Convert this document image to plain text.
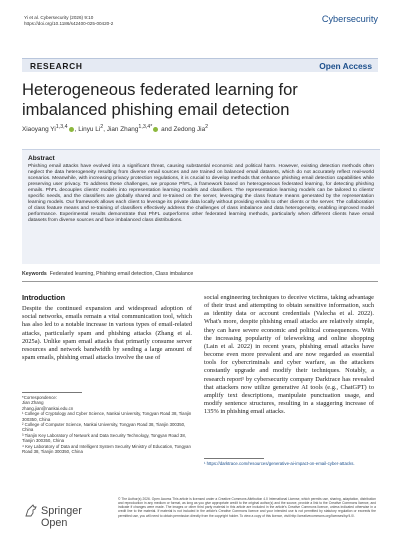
Yi et al. Cybersecurity (2026) 9:10
https://doi.org/10.1186/s42400-025-00420-2	Cybersecurity
RESEARCH	Open Access
Heterogeneous federated learning for imbalanced phishing email detection
Xiaoyang Yi$^{1,3,4}$ , Linyu Li$^2$, Jian Zhang$^{1,3,4*}$ and Zedong Jia$^2$
Abstract
Phishing email attacks have evolved into a significant threat, causing substantial economic and political harm. However, existing detection methods often neglect the data heterogeneity resulting from diverse email sources and are trained on balanced email datasets, which do not accurately reflect real-world scenarios. Meanwhile, with increasing privacy protection regulations, it is crucial to develop methods that enhance phishing email detection capabilities while preserving user privacy. To address these challenges, we propose PhFL, a framework based on heterogeneous federated learning, for detecting phishing emails. PhFL decouples clients' models into representation learning models and classifiers. The representation learning models can be tailored to clients' specific needs, and the classifiers are globally shared and re-trained on the server, leveraging the class feature means generated by the representation learning models. Our framework allows each client to leverage its private data locally without providing emails to other clients or the server. The collaboration of class feature means and re-training of classifiers effectively address the challenges of class imbalance and data heterogeneity, enabling improved model performance. Experimental results demonstrate that PhFL outperforms other federated learning methods, particularly when different clients have email datasets from diverse sources and face imbalanced class distributions.
Keywords Federated learning, Phishing email detection, Class imbalance
Introduction
Despite the continued expansion and widespread adoption of social networks, emails remain a vital communication tool, which has also led to a notable increase in various types of email-related attacks, particularly spam and phishing attacks (Zhang et al. 2025a). Unlike spam email attacks that primarily consume server resources and network bandwidth by sending a large amount of spam emails, phishing email attacks involve the use of
social engineering techniques to deceive victims, taking advantage of their trust and attempting to obtain sensitive information, such as identity data or account credentials (Valecha et al. 2022). What's more, despite phishing email attacks are relatively simple, they can have severe economic and political consequences. With the increasing popularity of teleworking and online shopping (Lain et al. 2022) in recent years, phishing email attacks have become even more prevalent and are now regarded as essential tools for cybercriminals and cyber warfare, as the attackers constantly upgrade and modify their techniques. Notably, a research report¹ by cybersecurity company Darktrace has revealed that attackers now utilize generative AI tools (e.g., ChatGPT) to amplify text descriptions, manipulate punctuation usage, and modify sentence structures, resulting in a staggering increase of 135% in phishing email attacks.
*Correspondence:
Jian Zhang
zhang.jian@nankai.edu.cn
¹ College of Cryptology and Cyber Science, Nankai University, Tongyan Road 38, Tianjin 300350, China
² College of Computer Science, Nankai University, Tongyan Road 38, Tianjin 300350, China
³ Tianjin Key Laboratory of Network and Data Security Technology, Tongyan Road 38, Tianjin 300350, China
⁴ Key Laboratory of Data and Intelligent System Security Ministry of Education, Tongyan Road 38, Tianjin 300350, China
¹ https://darktrace.com/resources/generative-ai-impact-on-email-cyber-attacks.
Springer Open
© The Author(s) 2026. Open Access This article is licensed under a Creative Commons Attribution 4.0 International License, which permits use, sharing, adaptation, distribution and reproduction in any medium or format, as long as you give appropriate credit to the original author(s) and the source, provide a link to the Creative Commons licence, and indicate if changes were made. The images or other third party material in this article are included in the article's Creative Commons licence, unless indicated otherwise in a credit line to the material. If material is not included in the article's Creative Commons licence and your intended use is not permitted by statutory regulation or exceeds the permitted use, you will need to obtain permission directly from the copyright holder. To view a copy of this licence, visit http://creativecommons.org/licenses/by/4.0/.
